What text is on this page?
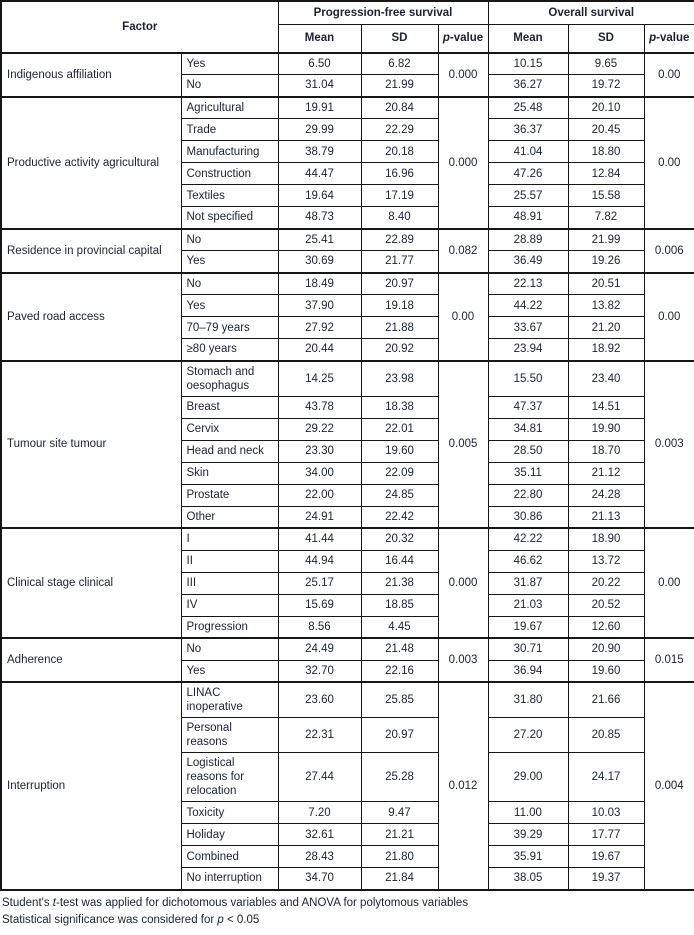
Factor		Progression-free survival			Overall survival		
		Mean	SD	p-value	Mean	SD	p-value
Indigenous affiliation	Yes	6.50	6.82	0.000	10.15	9.65	0.00
	No	31.04	21.99		36.27	19.72	
Productive activity agricultural	Agricultural	19.91	20.84	0.000	25.48	20.10	0.00
	Trade	29.99	22.29		36.37	20.45	
	Manufacturing	38.79	20.18		41.04	18.80	
	Construction	44.47	16.96		47.26	12.84	
	Textiles	19.64	17.19		25.57	15.58	
	Not specified	48.73	8.40		48.91	7.82	
Residence in provincial capital	No	25.41	22.89	0.082	28.89	21.99	0.006
	Yes	30.69	21.77		36.49	19.26	
Paved road access	No	18.49	20.97	0.00	22.13	20.51	0.00
	Yes	37.90	19.18		44.22	13.82	
	70–79 years	27.92	21.88		33.67	21.20	
	≥80 years	20.44	20.92		23.94	18.92	
Tumour site tumour	Stomach and oesophagus	14.25	23.98	0.005	15.50	23.40	0.003
	Breast	43.78	18.38		47.37	14.51	
	Cervix	29.22	22.01		34.81	19.90	
	Head and neck	23.30	19.60		28.50	18.70	
	Skin	34.00	22.09		35.11	21.12	
	Prostate	22.00	24.85		22.80	24.28	
	Other	24.91	22.42		30.86	21.13	
Clinical stage clinical	I	41.44	20.32	0.000	42.22	18.90	0.00
	II	44.94	16.44		46.62	13.72	
	III	25.17	21.38		31.87	20.22	
	IV	15.69	18.85		21.03	20.52	
	Progression	8.56	4.45		19.67	12.60	
Adherence	No	24.49	21.48	0.003	30.71	20.90	0.015
	Yes	32.70	22.16		36.94	19.60	
Interruption	LINAC inoperative	23.60	25.85	0.012	31.80	21.66	0.004
	Personal reasons	22.31	20.97		27.20	20.85	
	Logistical reasons for relocation	27.44	25.28		29.00	24.17	
	Toxicity	7.20	9.47		11.00	10.03	
	Holiday	32.61	21.21		39.29	17.77	
	Combined	28.43	21.80		35.91	19.67	
	No interruption	34.70	21.84		38.05	19.37	
Student's t-test was applied for dichotomous variables and ANOVA for polytomous variables
Statistical significance was considered for p < 0.05
